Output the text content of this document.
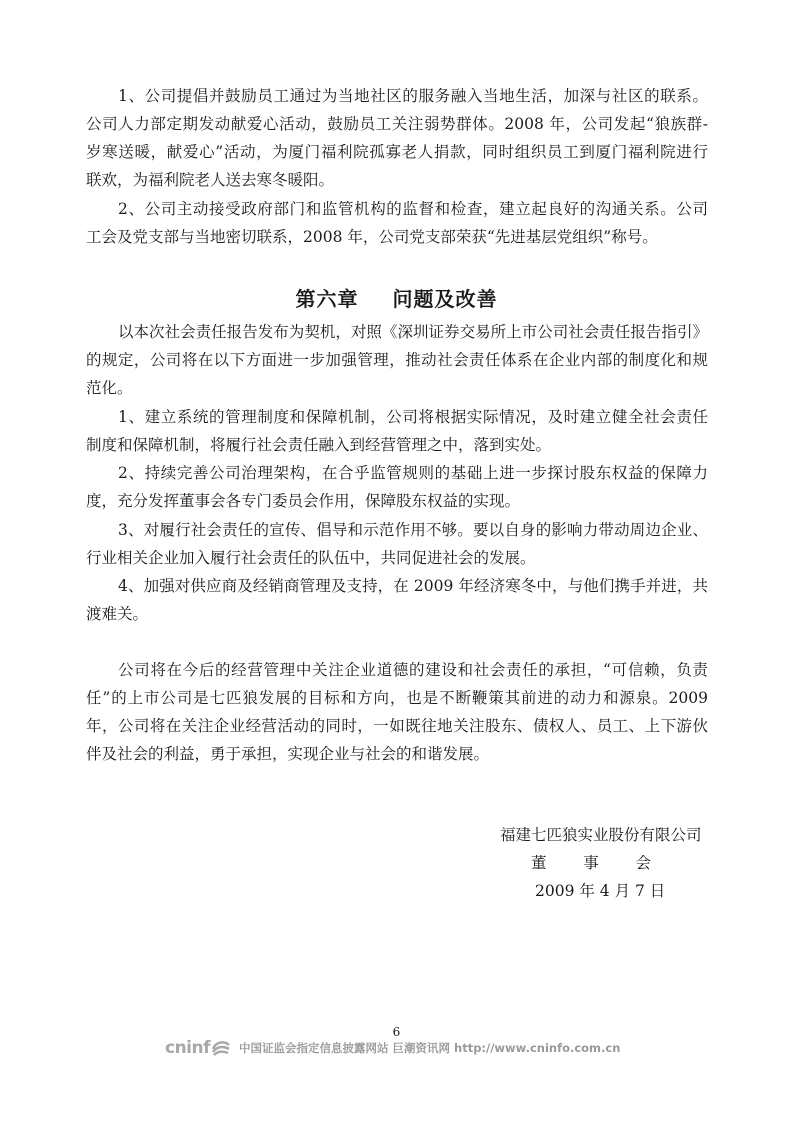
1、公司提倡并鼓励员工通过为当地社区的服务融入当地生活，加深与社区的联系。
公司人力部定期发动献爱心活动，鼓励员工关注弱势群体。2008 年，公司发起“狼族群-
岁寒送暖，献爱心”活动，为厦门福利院孤寡老人捐款，同时组织员工到厦门福利院进行
联欢，为福利院老人送去寒冬暖阳。
2、公司主动接受政府部门和监管机构的监督和检查，建立起良好的沟通关系。公司
工会及党支部与当地密切联系，2008 年，公司党支部荣获“先进基层党组织”称号。
第六章 问题及改善
以本次社会责任报告发布为契机，对照《深圳证券交易所上市公司社会责任报告指引》
的规定，公司将在以下方面进一步加强管理，推动社会责任体系在企业内部的制度化和规
范化。
1、建立系统的管理制度和保障机制，公司将根据实际情况，及时建立健全社会责任
制度和保障机制，将履行社会责任融入到经营管理之中，落到实处。
2、持续完善公司治理架构，在合乎监管规则的基础上进一步探讨股东权益的保障力
度，充分发挥董事会各专门委员会作用，保障股东权益的实现。
3、对履行社会责任的宣传、倡导和示范作用不够。要以自身的影响力带动周边企业、
行业相关企业加入履行社会责任的队伍中，共同促进社会的发展。
4、加强对供应商及经销商管理及支持，在 2009 年经济寒冬中，与他们携手并进，共
渡难关。
公司将在今后的经营管理中关注企业道德的建设和社会责任的承担，“可信赖，负责
任”的上市公司是七匹狼发展的目标和方向，也是不断鞭策其前进的动力和源泉。2009
年，公司将在关注企业经营活动的同时，一如既往地关注股东、债权人、员工、上下游伙
伴及社会的利益，勇于承担，实现企业与社会的和谐发展。
福建七匹狼实业股份有限公司
董 事 会
2009 年 4 月 7 日
6
cninf	中国证监会指定信息披露网站 巨潮资讯网 http://www.cninfo.com.cn
